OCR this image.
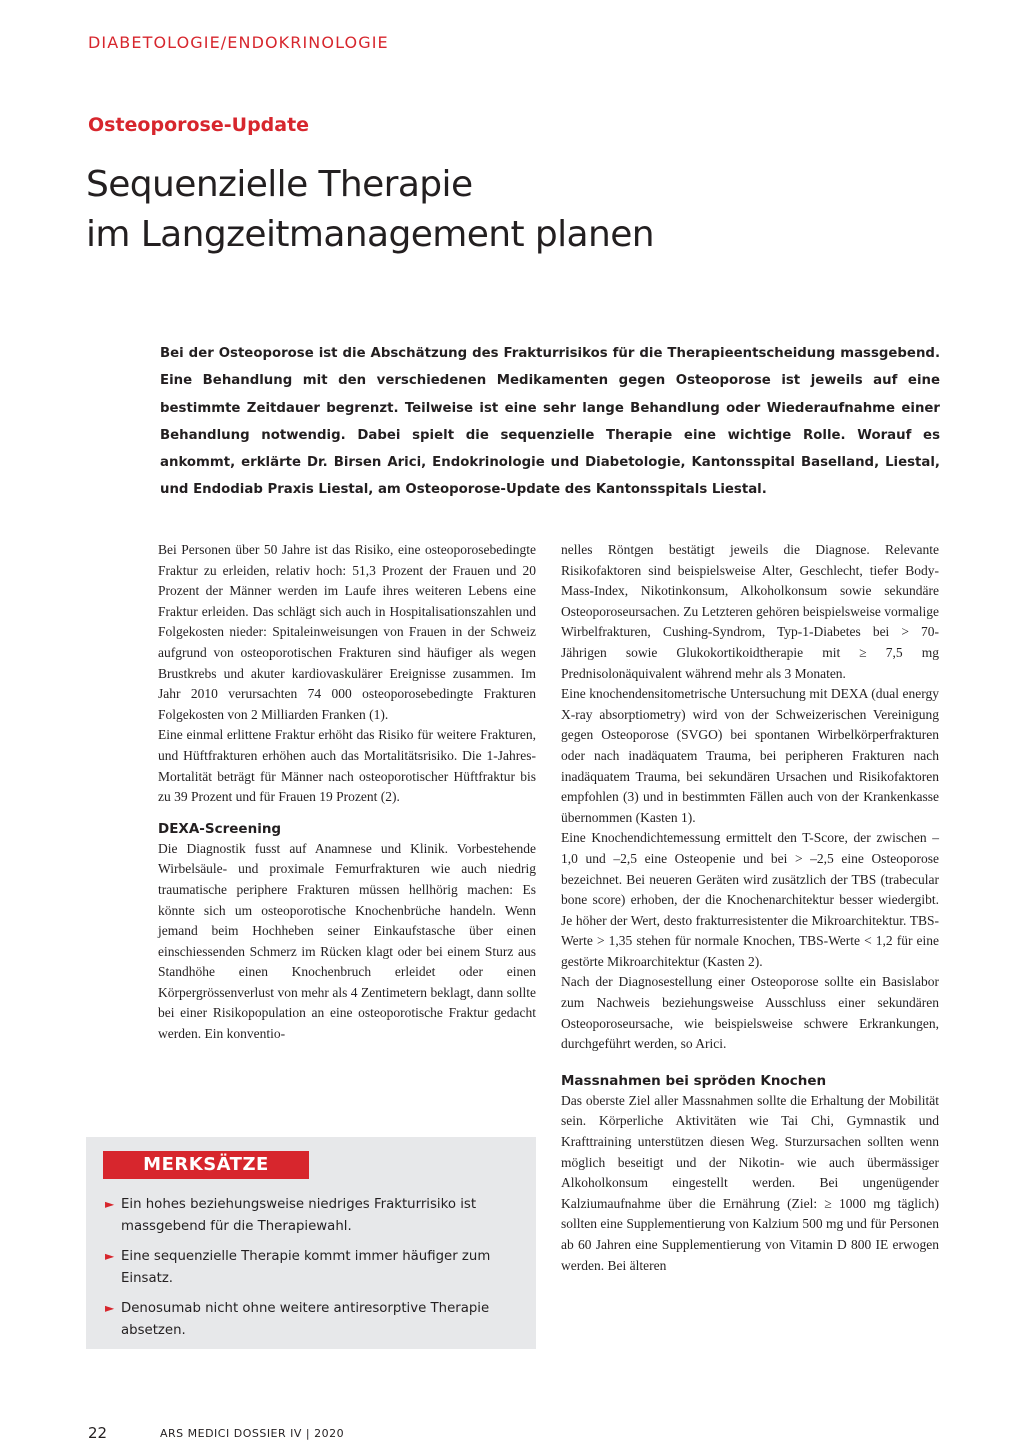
DIABETOLOGIE/ENDOKRINOLOGIE
Osteoporose-Update
Sequenzielle Therapie
im Langzeitmanagement planen

Bei der Osteoporose ist die Abschätzung des Frakturrisikos für die Therapieentscheidung massgebend. Eine Behandlung mit den verschiedenen Medikamenten gegen Osteoporose ist jeweils auf eine bestimmte Zeitdauer begrenzt. Teilweise ist eine sehr lange Behandlung oder Wiederaufnahme einer Behandlung notwendig. Dabei spielt die sequenzielle Therapie eine wichtige Rolle. Worauf es ankommt, erklärte Dr. Birsen Arici, Endokrinologie und Diabetologie, Kantonsspital Baselland, Liestal, und Endodiab Praxis Liestal, am Osteoporose-Update des Kantonsspitals Liestal.

Bei Personen über 50 Jahre ist das Risiko, eine osteoporosebedingte Fraktur zu erleiden, relativ hoch: 51,3 Prozent der Frauen und 20 Prozent der Männer werden im Laufe ihres weiteren Lebens eine Fraktur erleiden. Das schlägt sich auch in Hospitalisationszahlen und Folgekosten nieder: Spitaleinweisungen von Frauen in der Schweiz aufgrund von osteoporotischen Frakturen sind häufiger als wegen Brustkrebs und akuter kardiovaskulärer Ereignisse zusammen. Im Jahr 2010 verursachten 74 000 osteoporosebedingte Frakturen Folgekosten von 2 Milliarden Franken (1).

Eine einmal erlittene Fraktur erhöht das Risiko für weitere Frakturen, und Hüftfrakturen erhöhen auch das Mortalitätsrisiko. Die 1-Jahres-Mortalität beträgt für Männer nach osteoporotischer Hüftfraktur bis zu 39 Prozent und für Frauen 19 Prozent (2).

DEXA-Screening

Die Diagnostik fusst auf Anamnese und Klinik. Vorbestehende Wirbelsäule- und proximale Femurfrakturen wie auch niedrig traumatische periphere Frakturen müssen hellhörig machen: Es könnte sich um osteoporotische Knochenbrüche handeln. Wenn jemand beim Hochheben seiner Einkaufstasche über einen einschiessenden Schmerz im Rücken klagt oder bei einem Sturz aus Standhöhe einen Knochenbruch erleidet oder einen Körpergrössenverlust von mehr als 4 Zentimetern beklagt, dann sollte bei einer Risikopopulation an eine osteoporotische Fraktur gedacht werden. Ein konventio-

nelles Röntgen bestätigt jeweils die Diagnose. Relevante Risikofaktoren sind beispielsweise Alter, Geschlecht, tiefer Body-Mass-Index, Nikotinkonsum, Alkoholkonsum sowie sekundäre Osteoporoseursachen. Zu Letzteren gehören beispielsweise vormalige Wirbelfrakturen, Cushing-Syndrom, Typ-1-Diabetes bei > 70-Jährigen sowie Glukokortikoidtherapie mit ≥ 7,5 mg Prednisolonäquivalent während mehr als 3 Monaten.

Eine knochendensitometrische Untersuchung mit DEXA (dual energy X-ray absorptiometry) wird von der Schweizerischen Vereinigung gegen Osteoporose (SVGO) bei spontanen Wirbelkörperfrakturen oder nach inadäquatem Trauma, bei peripheren Frakturen nach inadäquatem Trauma, bei sekundären Ursachen und Risikofaktoren empfohlen (3) und in bestimmten Fällen auch von der Krankenkasse übernommen (Kasten 1).

Eine Knochendichtemessung ermittelt den T-Score, der zwischen –1,0 und –2,5 eine Osteopenie und bei > –2,5 eine Osteoporose bezeichnet. Bei neueren Geräten wird zusätzlich der TBS (trabecular bone score) erhoben, der die Knochenarchitektur besser wiedergibt. Je höher der Wert, desto frakturresistenter die Mikroarchitektur. TBS-Werte > 1,35 stehen für normale Knochen, TBS-Werte < 1,2 für eine gestörte Mikroarchitektur (Kasten 2).

Nach der Diagnosestellung einer Osteoporose sollte ein Basislabor zum Nachweis beziehungsweise Ausschluss einer sekundären Osteoporoseursache, wie beispielsweise schwere Erkrankungen, durchgeführt werden, so Arici.

Massnahmen bei spröden Knochen

Das oberste Ziel aller Massnahmen sollte die Erhaltung der Mobilität sein. Körperliche Aktivitäten wie Tai Chi, Gymnastik und Krafttraining unterstützen diesen Weg. Sturzursachen sollten wenn möglich beseitigt und der Nikotin- wie auch übermässiger Alkoholkonsum eingestellt werden. Bei ungenügender Kalziumaufnahme über die Ernährung (Ziel: ≥ 1000 mg täglich) sollten eine Supplementierung von Kalzium 500 mg und für Personen ab 60 Jahren eine Supplementierung von Vitamin D 800 IE erwogen werden. Bei älteren

MERKSÄTZE
► Ein hohes beziehungsweise niedriges Frakturrisiko ist massgebend für die Therapiewahl.
► Eine sequenzielle Therapie kommt immer häufiger zum Einsatz.
► Denosumab nicht ohne weitere antiresorptive Therapie absetzen.
22	ARS MEDICI DOSSIER IV | 2020
